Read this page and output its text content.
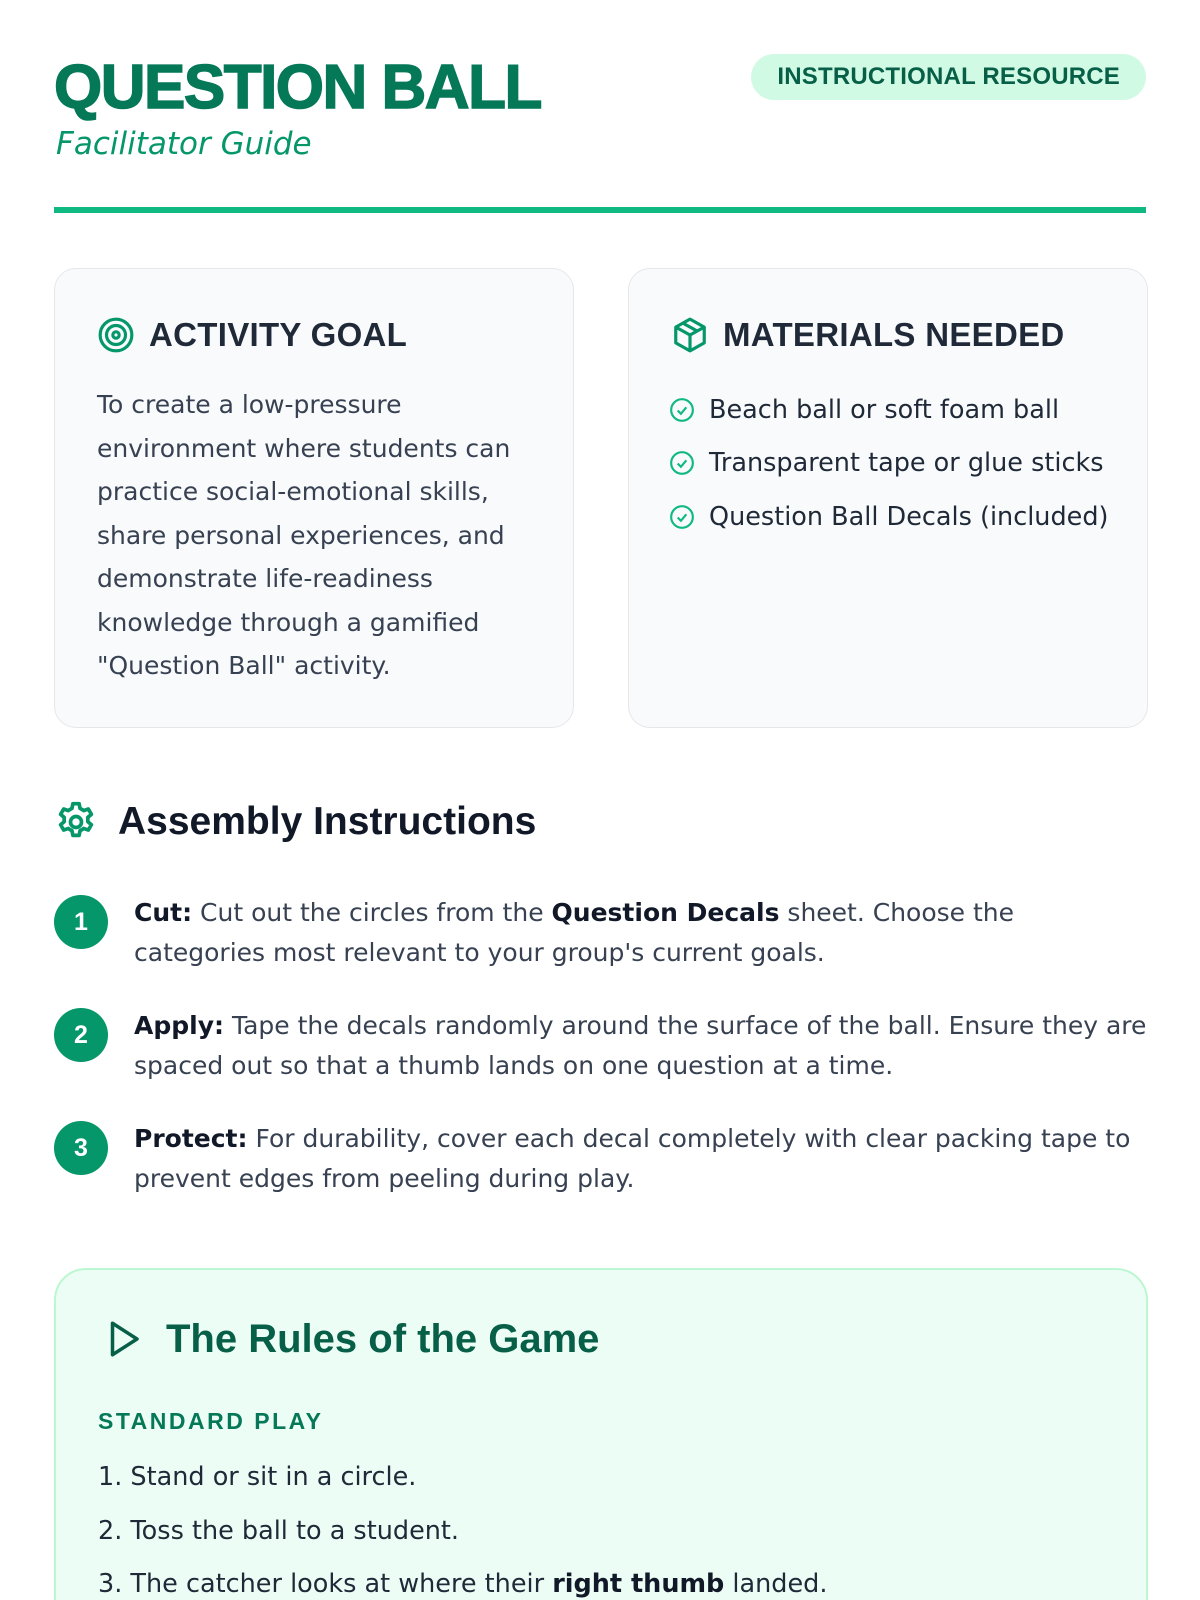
QUESTION BALL
Facilitator Guide
INSTRUCTIONAL RESOURCE
ACTIVITY GOAL

To create a low-pressure environment where students can practice social-emotional skills, share personal experiences, and demonstrate life-readiness knowledge through a gamified "Question Ball" activity.

MATERIALS NEEDED
Beach ball or soft foam ball
Transparent tape or glue sticks
Question Ball Decals (included)
Assembly Instructions
1	Cut: Cut out the circles from the Question Decals sheet. Choose the categories most relevant to your group's current goals.

2	Apply: Tape the decals randomly around the surface of the ball. Ensure they are spaced out so that a thumb lands on one question at a time.

3	Protect: For durability, cover each decal completely with clear packing tape to prevent edges from peeling during play.

The Rules of the Game
STANDARD PLAY
1. Stand or sit in a circle.
2. Toss the ball to a student.
3. The catcher looks at where their right thumb landed.
